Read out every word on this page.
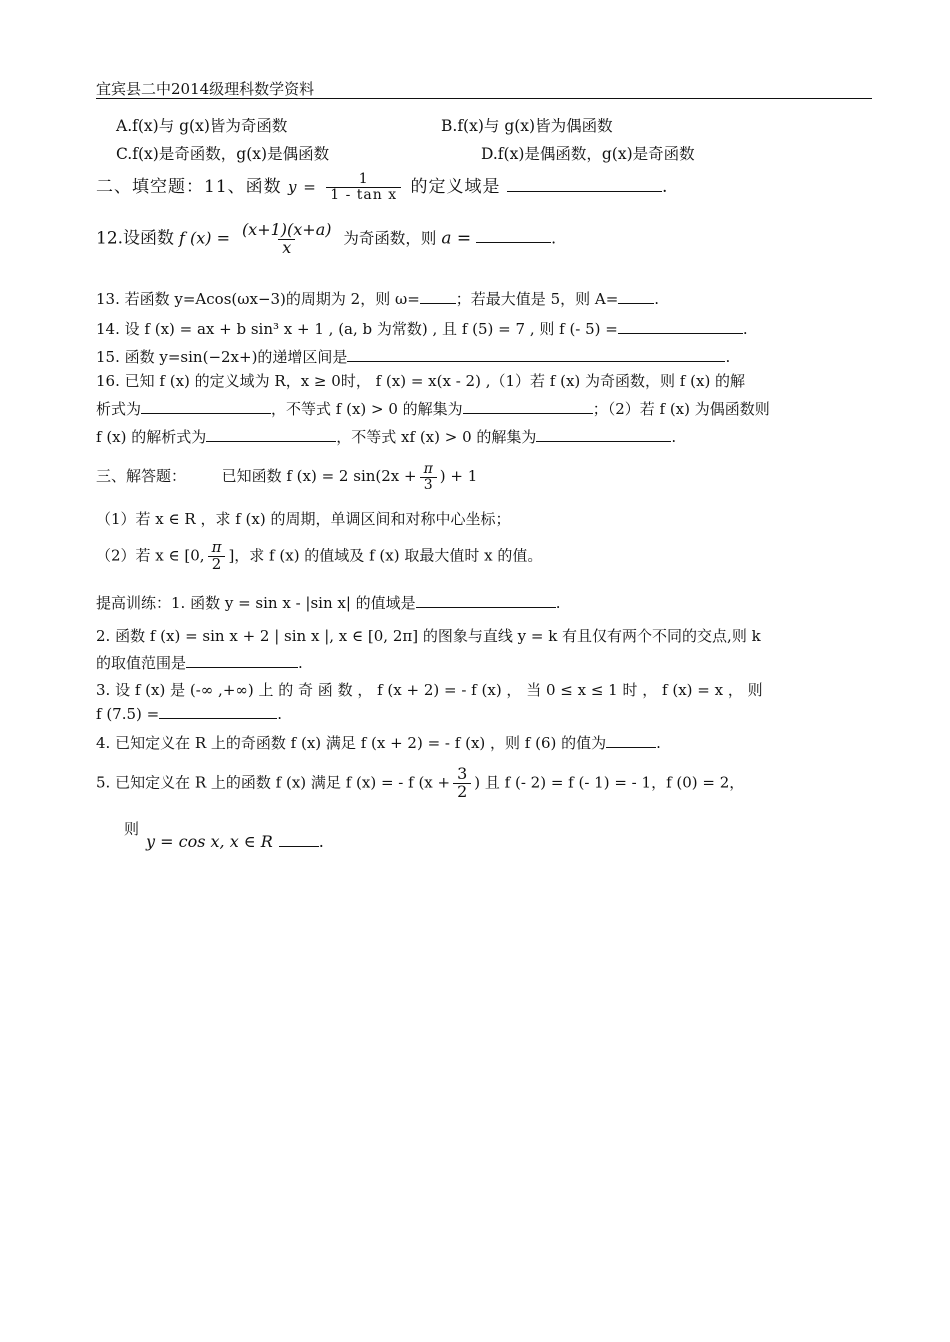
宜宾县二中2014级理科数学资料
A.f(x)与 g(x)皆为奇函数	B.f(x)与 g(x)皆为偶函数
C.f(x)是奇函数，g(x)是偶函数	D.f(x)是偶函数，g(x)是奇函数
二、填空题：11、函数 $y = \frac{1}{\text{1 - tan x}}$ 的定义域是	.
12.设函数 f $(x) = \frac{(x+1)(x+a)}{x}$ 为奇函数，则 a =	.
13. 若函数 y=Acos(ωx−3)的周期为 2，则 ω= ；若最大值是 5，则 A= .
14. 设 f (x) = ax + b sin³ x + 1 , (a, b 为常数) , 且 f (5) = 7 , 则 f (- 5) =	.
15. 函数 y=sin(−2x+)的递增区间是	.
16. 已知 f (x) 的定义域为 R，x ≥ 0时， f (x) = x(x - 2) ,（1）若 f (x) 为奇函数，则 f (x) 的解
析式为	，不等式 f (x) > 0 的解集为	；（2）若 f (x) 为偶函数则
f (x) 的解析式为	，不等式 xf (x) > 0 的解集为	.
三、解答题： 已知函数 f (x) = 2 $\sin(2x + \frac{\pi}{3}$ ) + 1
（1）若 x ∈ R ，求 f (x) 的周期，单调区间和对称中心坐标；
（2）若 x ∈ [0, $\frac{\pi}{2}$ ]，求 f (x) 的值域及 f (x) 取最大值时 x 的值。
提高训练：1. 函数 y = sin x - |sin x| 的值域是	.
2. 函数 f (x) = sin x + 2 | sin x |, x ∈ [0, 2π] 的图象与直线 y = k 有且仅有两个不同的交点,则 k
的取值范围是	.
3. 设 f (x) 是 (-∞ ,+∞) 上 的 奇 函 数 ， f (x + 2) = - f (x) ， 当 0 ≤ x ≤ 1 时 ， f (x) = x ， 则
f (7.5) =	.
4. 已知定义在 R 上的奇函数 f (x) 满足 f (x + 2) = - f (x) ，则 f (6) 的值为	.
5. 已知定义在 R 上的函数 f (x) 满足 f (x) = - f ($x + \frac{3}{2}$ ) 且 f (- 2) = f (- 1) = - 1，f (0) = 2，
则
y = cos x, x ∈ R	.
